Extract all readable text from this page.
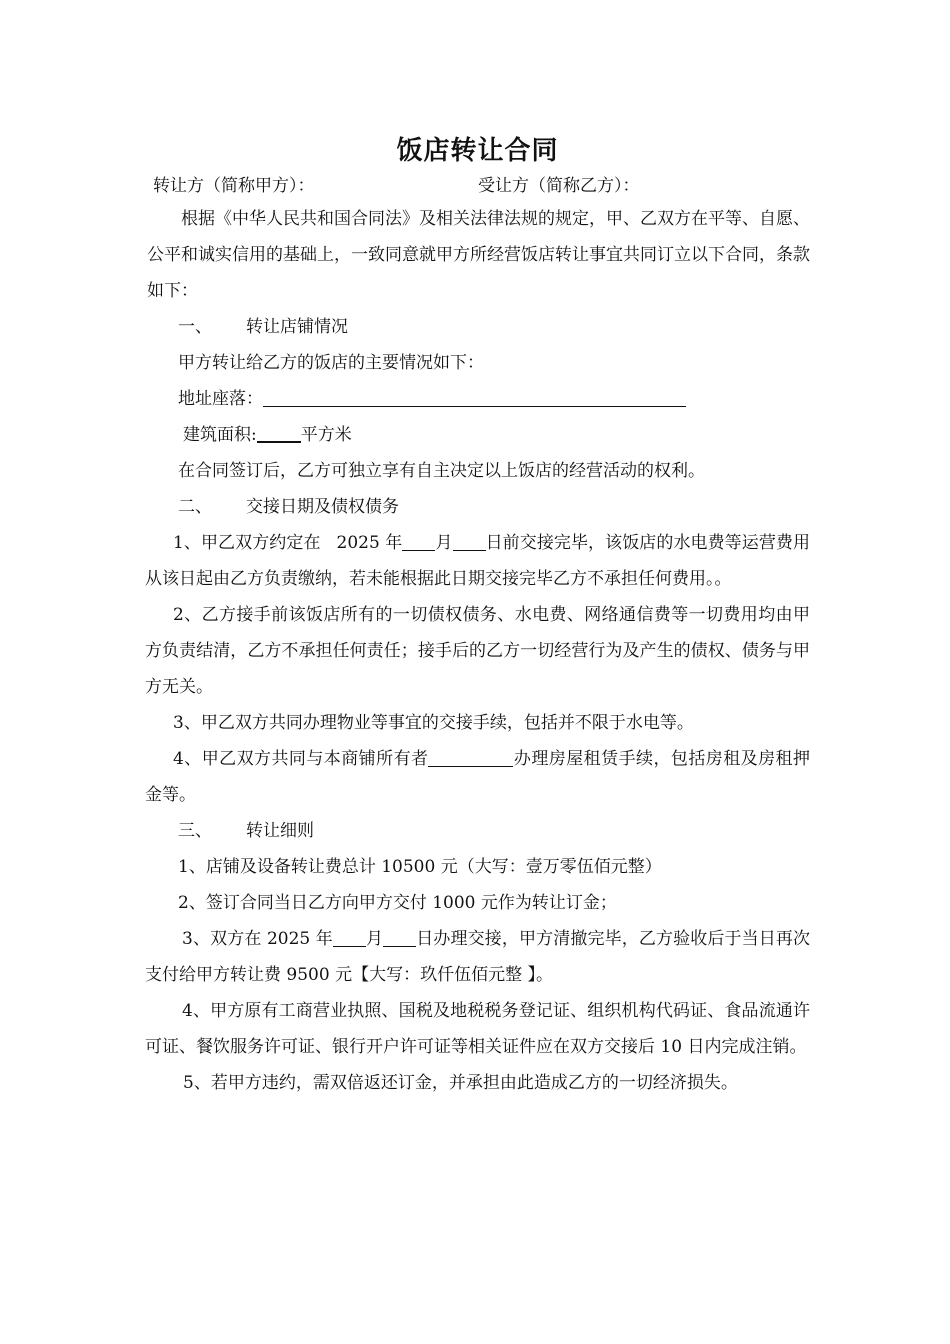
饭店转让合同
转让方（简称甲方）：	受让方（简称乙方）：

根据《中华人民共和国合同法》及相关法律法规的规定，甲、乙双方在平等、自愿、公平和诚实信用的基础上，一致同意就甲方所经营饭店转让事宜共同订立以下合同，条款如下：

一、 转让店铺情况

甲方转让给乙方的饭店的主要情况如下：

地址座落：

建筑面积:	平方米

在合同签订后，乙方可独立享有自主决定以上饭店的经营活动的权利。

二、 交接日期及债权债务

1、甲乙双方约定在 2025 年 月 日前交接完毕，该饭店的水电费等运营费用从该日起由乙方负责缴纳，若未能根据此日期交接完毕乙方不承担任何费用。。

2、乙方接手前该饭店所有的一切债权债务、水电费、网络通信费等一切费用均由甲方负责结清，乙方不承担任何责任；接手后的乙方一切经营行为及产生的债权、债务与甲方无关。

3、甲乙双方共同办理物业等事宜的交接手续，包括并不限于水电等。

4、甲乙双方共同与本商铺所有者	办理房屋租赁手续，包括房租及房租押金等。

三、 转让细则

1、店铺及设备转让费总计 10500 元（大写：壹万零伍佰元整）

2、签订合同当日乙方向甲方交付 1000 元作为转让订金；

3、双方在 2025 年 月 日办理交接，甲方清撤完毕，乙方验收后于当日再次支付给甲方转让费 9500 元【大写：玖仟伍佰元整 】。

4、甲方原有工商营业执照、国税及地税税务登记证、组织机构代码证、食品流通许可证、餐饮服务许可证、银行开户许可证等相关证件应在双方交接后 10 日内完成注销。

5、若甲方违约，需双倍返还订金，并承担由此造成乙方的一切经济损失。
